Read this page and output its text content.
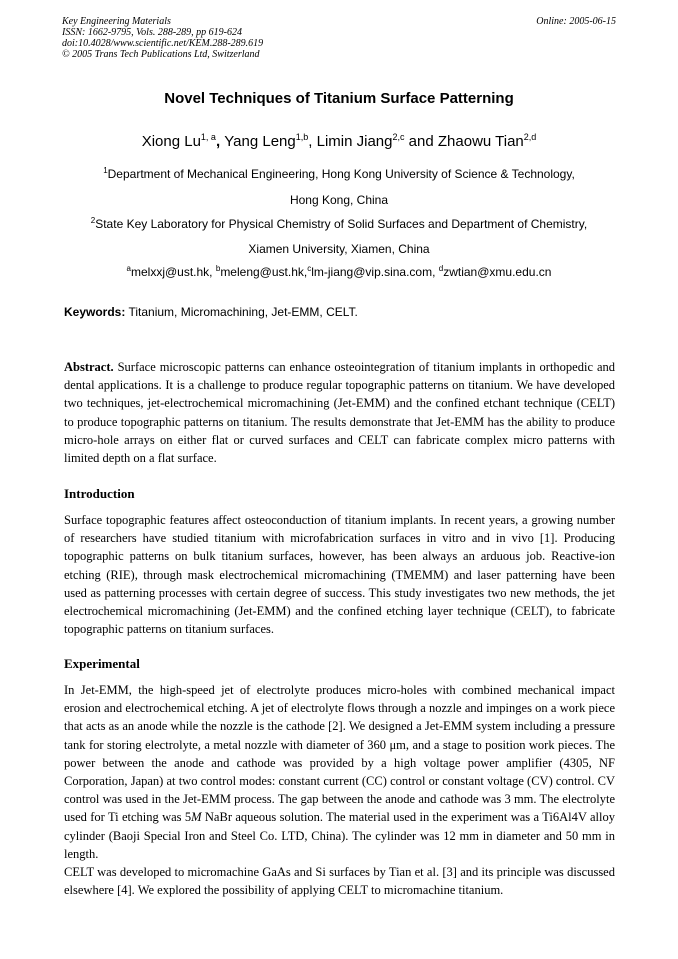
Key Engineering Materials
ISSN: 1662-9795, Vols. 288-289, pp 619-624
doi:10.4028/www.scientific.net/KEM.288-289.619
© 2005 Trans Tech Publications Ltd, Switzerland
Online: 2005-06-15
Novel Techniques of Titanium Surface Patterning
Xiong Lu$^{1, a}$, Yang Leng$^{1,b}$, Limin Jiang$^{2,c}$ and Zhaowu Tian$^{2,d}$
$^1$Department of Mechanical Engineering, Hong Kong University of Science & Technology,
Hong Kong, China
$^2$State Key Laboratory for Physical Chemistry of Solid Surfaces and Department of Chemistry,
Xiamen University, Xiamen, China
$^a$melxxj@ust.hk, $^b$meleng@ust.hk,$^c$lm-jiang@vip.sina.com, $^d$zwtian@xmu.edu.cn
Keywords: Titanium, Micromachining, Jet-EMM, CELT.
Abstract. Surface microscopic patterns can enhance osteointegration of titanium implants in orthopedic and dental applications. It is a challenge to produce regular topographic patterns on titanium. We have developed two techniques, jet-electrochemical micromachining (Jet-EMM) and the confined etchant technique (CELT) to produce topographic patterns on titanium. The results demonstrate that Jet-EMM has the ability to produce micro-hole arrays on either flat or curved surfaces and CELT can fabricate complex micro patterns with limited depth on a flat surface.
Introduction
Surface topographic features affect osteoconduction of titanium implants. In recent years, a growing number of researchers have studied titanium with microfabrication surfaces in vitro and in vivo [1]. Producing topographic patterns on bulk titanium surfaces, however, has been always an arduous job. Reactive-ion etching (RIE), through mask electrochemical micromachining (TMEMM) and laser patterning have been used as patterning processes with certain degree of success. This study investigates two new methods, the jet electrochemical micromachining (Jet-EMM) and the confined etching layer technique (CELT), to fabricate topographic patterns on titanium surfaces.
Experimental
In Jet-EMM, the high-speed jet of electrolyte produces micro-holes with combined mechanical impact erosion and electrochemical etching. A jet of electrolyte flows through a nozzle and impinges on a work piece that acts as an anode while the nozzle is the cathode [2]. We designed a Jet-EMM system including a pressure tank for storing electrolyte, a metal nozzle with diameter of 360 μm, and a stage to position work pieces. The power between the anode and cathode was provided by a high voltage power amplifier (4305, NF Corporation, Japan) at two control modes: constant current (CC) control or constant voltage (CV) control. CV control was used in the Jet-EMM process. The gap between the anode and cathode was 3 mm. The electrolyte used for Ti etching was 5M NaBr aqueous solution. The material used in the experiment was a Ti6Al4V alloy cylinder (Baoji Special Iron and Steel Co. LTD, China). The cylinder was 12 mm in diameter and 50 mm in length.
CELT was developed to micromachine GaAs and Si surfaces by Tian et al. [3] and its principle was discussed elsewhere [4]. We explored the possibility of applying CELT to micromachine titanium.
